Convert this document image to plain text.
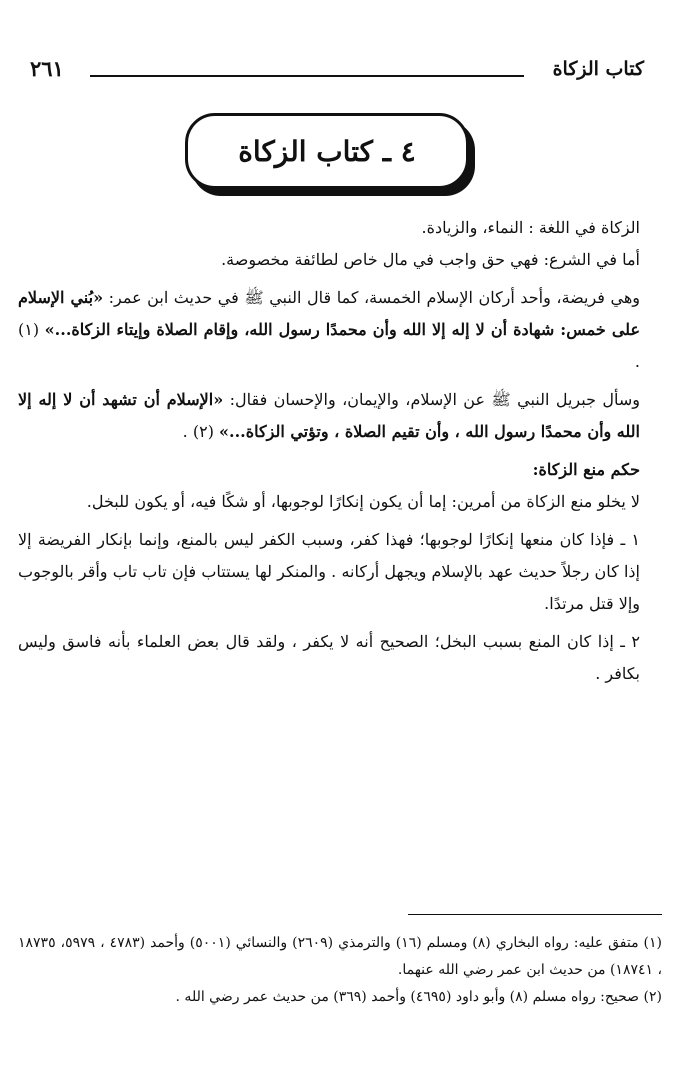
كتاب الزكاة
٢٦١
٤ ـ كتاب الزكاة

الزكاة في اللغة : النماء، والزيادة.

أما في الشرع: فهي حق واجب في مال خاص لطائفة مخصوصة.

وهي فريضة، وأحد أركان الإسلام الخمسة، كما قال النبي ﷺ في حديث ابن عمر: «بُني الإسلام على خمس: شهادة أن لا إله إلا الله وأن محمدًا رسول الله، وإقام الصلاة وإيتاء الزكاة...» (١) .

وسأل جبريل النبي ﷺ عن الإسلام، والإيمان، والإحسان فقال: «الإسلام أن تشهد أن لا إله إلا الله وأن محمدًا رسول الله ، وأن تقيم الصلاة ، وتؤتي الزكاة...» (٢) .

حكم منع الزكاة:

لا يخلو منع الزكاة من أمرين: إما أن يكون إنكارًا لوجوبها، أو شكًا فيه، أو يكون للبخل.

١ ـ فإذا كان منعها إنكارًا لوجوبها؛ فهذا كفر، وسبب الكفر ليس بالمنع، وإنما بإنكار الفريضة إلا إذا كان رجلاً حديث عهد بالإسلام ويجهل أركانه . والمنكر لها يستتاب فإن تاب تاب وأقر بالوجوب وإلا قتل مرتدًا.

٢ ـ إذا كان المنع بسبب البخل؛ الصحيح أنه لا يكفر ، ولقد قال بعض العلماء بأنه فاسق وليس بكافر .

(١) متفق عليه: رواه البخاري (٨) ومسلم (١٦) والترمذي (٢٦٠٩) والنسائي (٥٠٠١) وأحمد (٤٧٨٣ ، ٥٩٧٩، ١٨٧٣٥ ، ١٨٧٤١) من حديث ابن عمر رضي الله عنهما.

(٢) صحيح: رواه مسلم (٨) وأبو داود (٤٦٩٥) وأحمد (٣٦٩) من حديث عمر رضي الله .
